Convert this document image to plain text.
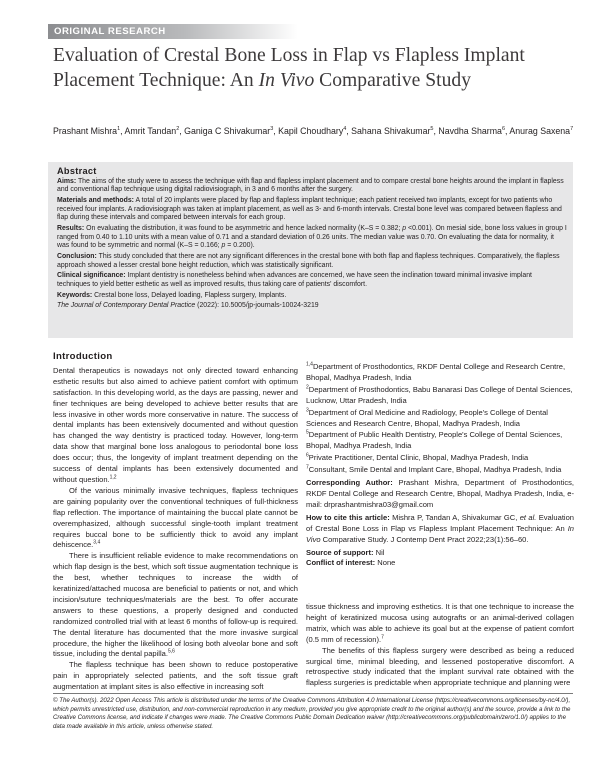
ORIGINAL RESEARCH
Evaluation of Crestal Bone Loss in Flap vs Flapless Implant Placement Technique: An In Vivo Comparative Study
Prashant Mishra$^1$, Amrit Tandan$^2$, Ganiga C Shivakumar$^3$, Kapil Choudhary$^4$, Sahana Shivakumar$^5$, Navdha Sharma$^6$, Anurag Saxena$^7$
Abstract
Aims: The aims of the study were to assess the technique with flap and flapless implant placement and to compare crestal bone heights around the implant in flapless and conventional flap technique using digital radiovisiograph, in 3 and 6 months after the surgery.
Materials and methods: A total of 20 implants were placed by flap and flapless implant technique; each patient received two implants, except for two patients who received four implants. A radiovisiograph was taken at implant placement, as well as 3- and 6-month intervals. Crestal bone level was compared between flapless and flap during these intervals and compared between intervals for each group.
Results: On evaluating the distribution, it was found to be asymmetric and hence lacked normality (K–S = 0.382; p <0.001). On mesial side, bone loss values in group I ranged from 0.40 to 1.10 units with a mean value of 0.71 and a standard deviation of 0.26 units. The median value was 0.70. On evaluating the data for normality, it was found to be symmetric and normal (K–S = 0.166; p = 0.200).
Conclusion: This study concluded that there are not any significant differences in the crestal bone with both flap and flapless techniques. Comparatively, the flapless approach showed a lesser crestal bone height reduction, which was statistically significant.
Clinical significance: Implant dentistry is nonetheless behind when advances are concerned, we have seen the inclination toward minimal invasive implant techniques to yield better esthetic as well as improved results, thus taking care of patients' discomfort.
Keywords: Crestal bone loss, Delayed loading, Flapless surgery, Implants.
The Journal of Contemporary Dental Practice (2022): 10.5005/jp-journals-10024-3219
Introduction

Dental therapeutics is nowadays not only directed toward enhancing esthetic results but also aimed to achieve patient comfort with optimum satisfaction. In this developing world, as the days are passing, newer and finer techniques are being developed to achieve better results that are less invasive in other words more conservative in nature. The success of dental implants has been extensively documented and without question has changed the way dentistry is practiced today. However, long-term data show that marginal bone loss analogous to periodontal bone loss does occur; thus, the longevity of implant treatment depending on the success of dental implants has been extensively documented and without question.$^{1,2}$

Of the various minimally invasive techniques, flapless techniques are gaining popularity over the conventional techniques of full-thickness flap reflection. The importance of maintaining the buccal plate cannot be overemphasized, although successful single-tooth implant treatment requires buccal bone to be sufficiently thick to avoid any implant dehiscence.$^{3,4}$

There is insufficient reliable evidence to make recommendations on which flap design is the best, which soft tissue augmentation technique is the best, whether techniques to increase the width of keratinized/attached mucosa are beneficial to patients or not, and which incision/suture techniques/materials are the best. To offer accurate answers to these questions, a properly designed and conducted randomized controlled trial with at least 6 months of follow-up is required. The dental literature has documented that the more invasive surgical procedure, the higher the likelihood of losing both alveolar bone and soft tissue, including the dental papilla.$^{5,6}$

The flapless technique has been shown to reduce postoperative pain in appropriately selected patients, and the soft tissue graft augmentation at implant sites is also effective in increasing soft

$^{1,4}$Department of Prosthodontics, RKDF Dental College and Research Centre, Bhopal, Madhya Pradesh, India
$^2$Department of Prosthodontics, Babu Banarasi Das College of Dental Sciences, Lucknow, Uttar Pradesh, India
$^3$Department of Oral Medicine and Radiology, People's College of Dental Sciences and Research Centre, Bhopal, Madhya Pradesh, India
$^5$Department of Public Health Dentistry, People's College of Dental Sciences, Bhopal, Madhya Pradesh, India
$^6$Private Practitioner, Dental Clinic, Bhopal, Madhya Pradesh, India
$^7$Consultant, Smile Dental and Implant Care, Bhopal, Madhya Pradesh, India
Corresponding Author: Prashant Mishra, Department of Prosthodontics, RKDF Dental College and Research Centre, Bhopal, Madhya Pradesh, India, e-mail: drprashantmishra03@gmail.com
How to cite this article: Mishra P, Tandan A, Shivakumar GC, et al. Evaluation of Crestal Bone Loss in Flap vs Flapless Implant Placement Technique: An In Vivo Comparative Study. J Contemp Dent Pract 2022;23(1):56–60.
Source of support: Nil
Conflict of interest: None

tissue thickness and improving esthetics. It is that one technique to increase the height of keratinized mucosa using autografts or an animal-derived collagen matrix, which was able to achieve its goal but at the expense of patient comfort (0.5 mm of recession).$^7$

The benefits of this flapless surgery were described as being a reduced surgical time, minimal bleeding, and lessened postoperative discomfort. A retrospective study indicated that the implant survival rate obtained with the flapless surgeries is predictable when appropriate technique and planning were

© The Author(s). 2022 Open Access This article is distributed under the terms of the Creative Commons Attribution 4.0 International License (https://creativecommons.org/licenses/by-nc/4.0/), which permits unrestricted use, distribution, and non-commercial reproduction in any medium, provided you give appropriate credit to the original author(s) and the source, provide a link to the Creative Commons license, and indicate if changes were made. The Creative Commons Public Domain Dedication waiver (http://creativecommons.org/publicdomain/zero/1.0/) applies to the data made available in this article, unless otherwise stated.
